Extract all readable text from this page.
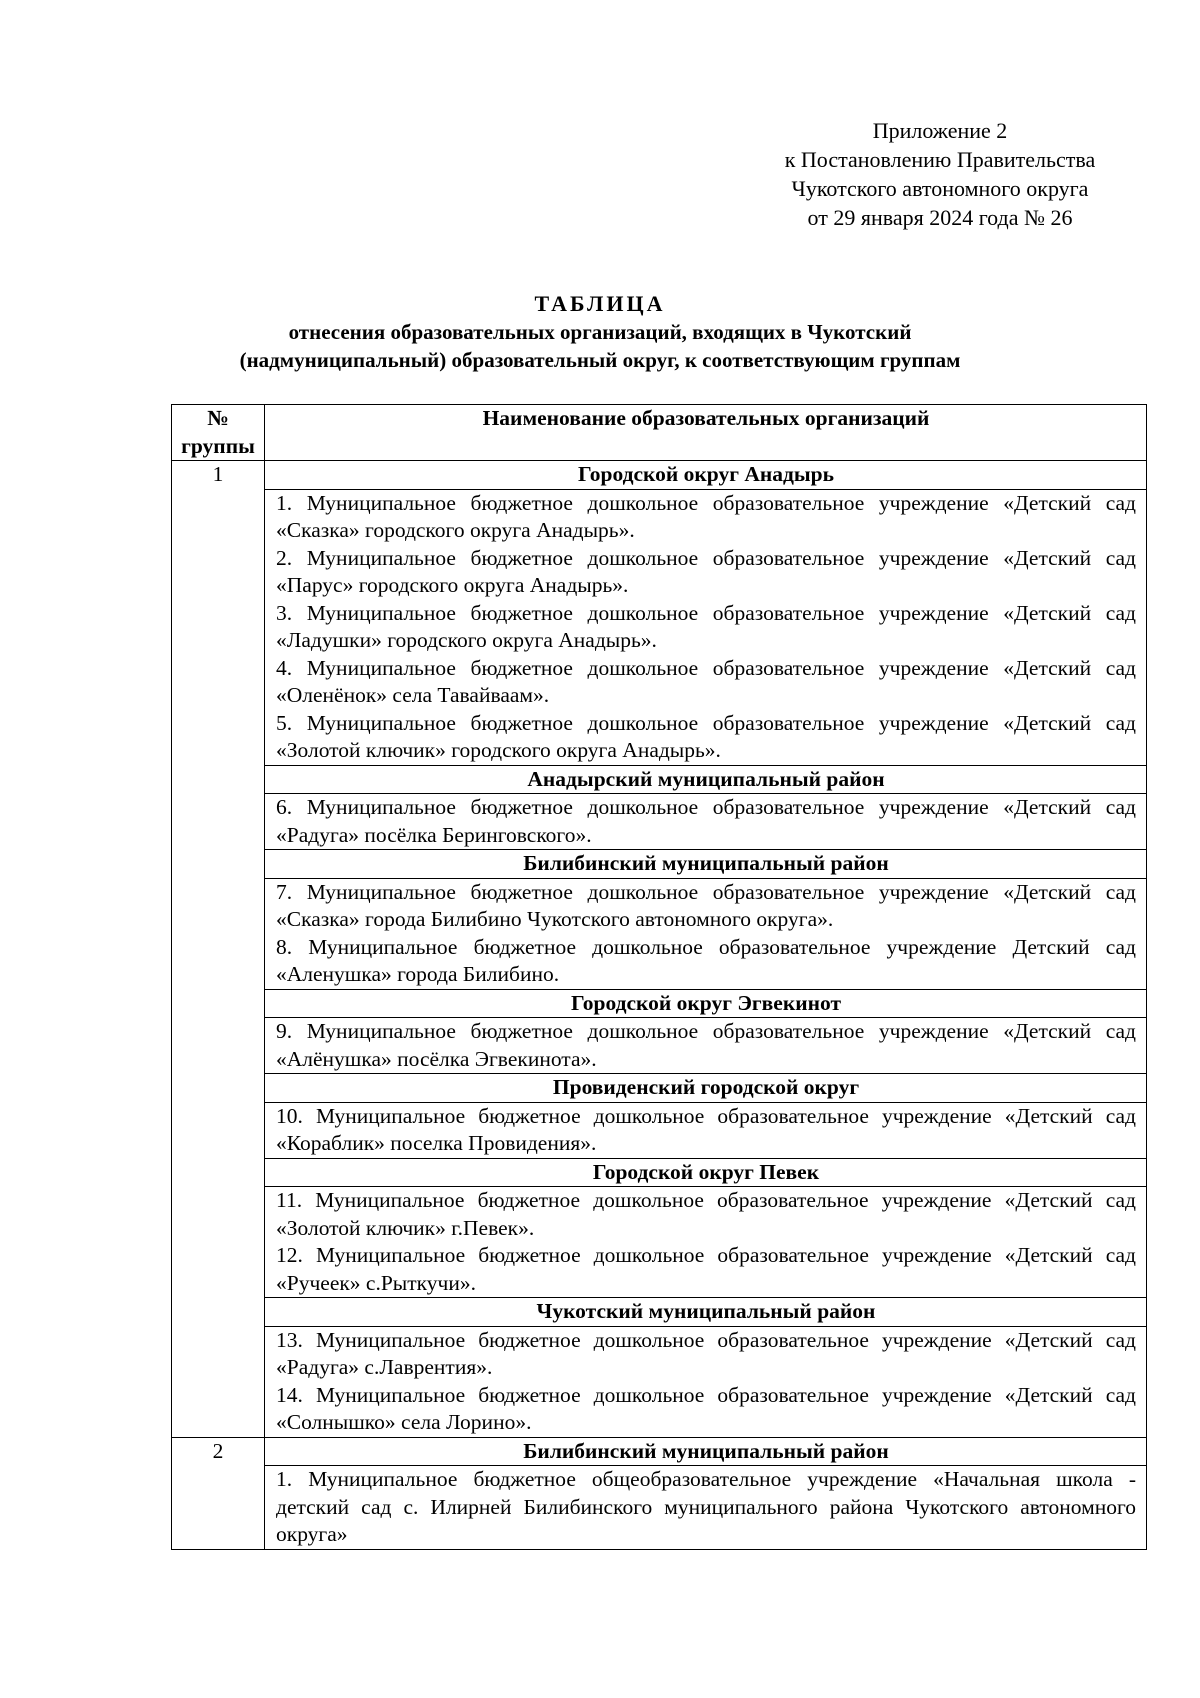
Приложение 2
к Постановлению Правительства
Чукотского автономного округа
от 29 января 2024 года № 26
ТАБЛИЦА
отнесения образовательных организаций, входящих в Чукотский
(надмуниципальный) образовательный округ, к соответствующим группам
№ группы	Наименование образовательных организаций
1	Городской округ Анадырь

	1. Муниципальное бюджетное дошкольное образовательное учреждение «Детский сад «Сказка» городского округа Анадырь».

2. Муниципальное бюджетное дошкольное образовательное учреждение «Детский сад «Парус» городского округа Анадырь».

3. Муниципальное бюджетное дошкольное образовательное учреждение «Детский сад «Ладушки» городского округа Анадырь».

4. Муниципальное бюджетное дошкольное образовательное учреждение «Детский сад «Оленёнок» села Тавайваам».

5. Муниципальное бюджетное дошкольное образовательное учреждение «Детский сад «Золотой ключик» городского округа Анадырь».

	Анадырский муниципальный район

	6. Муниципальное бюджетное дошкольное образовательное учреждение «Детский сад «Радуга» посёлка Беринговского».

	Билибинский муниципальный район

	7. Муниципальное бюджетное дошкольное образовательное учреждение «Детский сад «Сказка» города Билибино Чукотского автономного округа».

8. Муниципальное бюджетное дошкольное образовательное учреждение Детский сад «Аленушка» города Билибино.

	Городской округ Эгвекинот

	9. Муниципальное бюджетное дошкольное образовательное учреждение «Детский сад «Алёнушка» посёлка Эгвекинота».

	Провиденский городской округ

	10. Муниципальное бюджетное дошкольное образовательное учреждение «Детский сад «Кораблик» поселка Провидения».

	Городской округ Певек

	11. Муниципальное бюджетное дошкольное образовательное учреждение «Детский сад «Золотой ключик» г.Певек».

12. Муниципальное бюджетное дошкольное образовательное учреждение «Детский сад «Ручеек» с.Рыткучи».

	Чукотский муниципальный район

	13. Муниципальное бюджетное дошкольное образовательное учреждение «Детский сад «Радуга» с.Лаврентия».

14. Муниципальное бюджетное дошкольное образовательное учреждение «Детский сад «Солнышко» села Лорино».

2	Билибинский муниципальный район

	1. Муниципальное бюджетное общеобразовательное учреждение «Начальная школа - детский сад с. Илирней Билибинского муниципального района Чукотского автономного округа»
